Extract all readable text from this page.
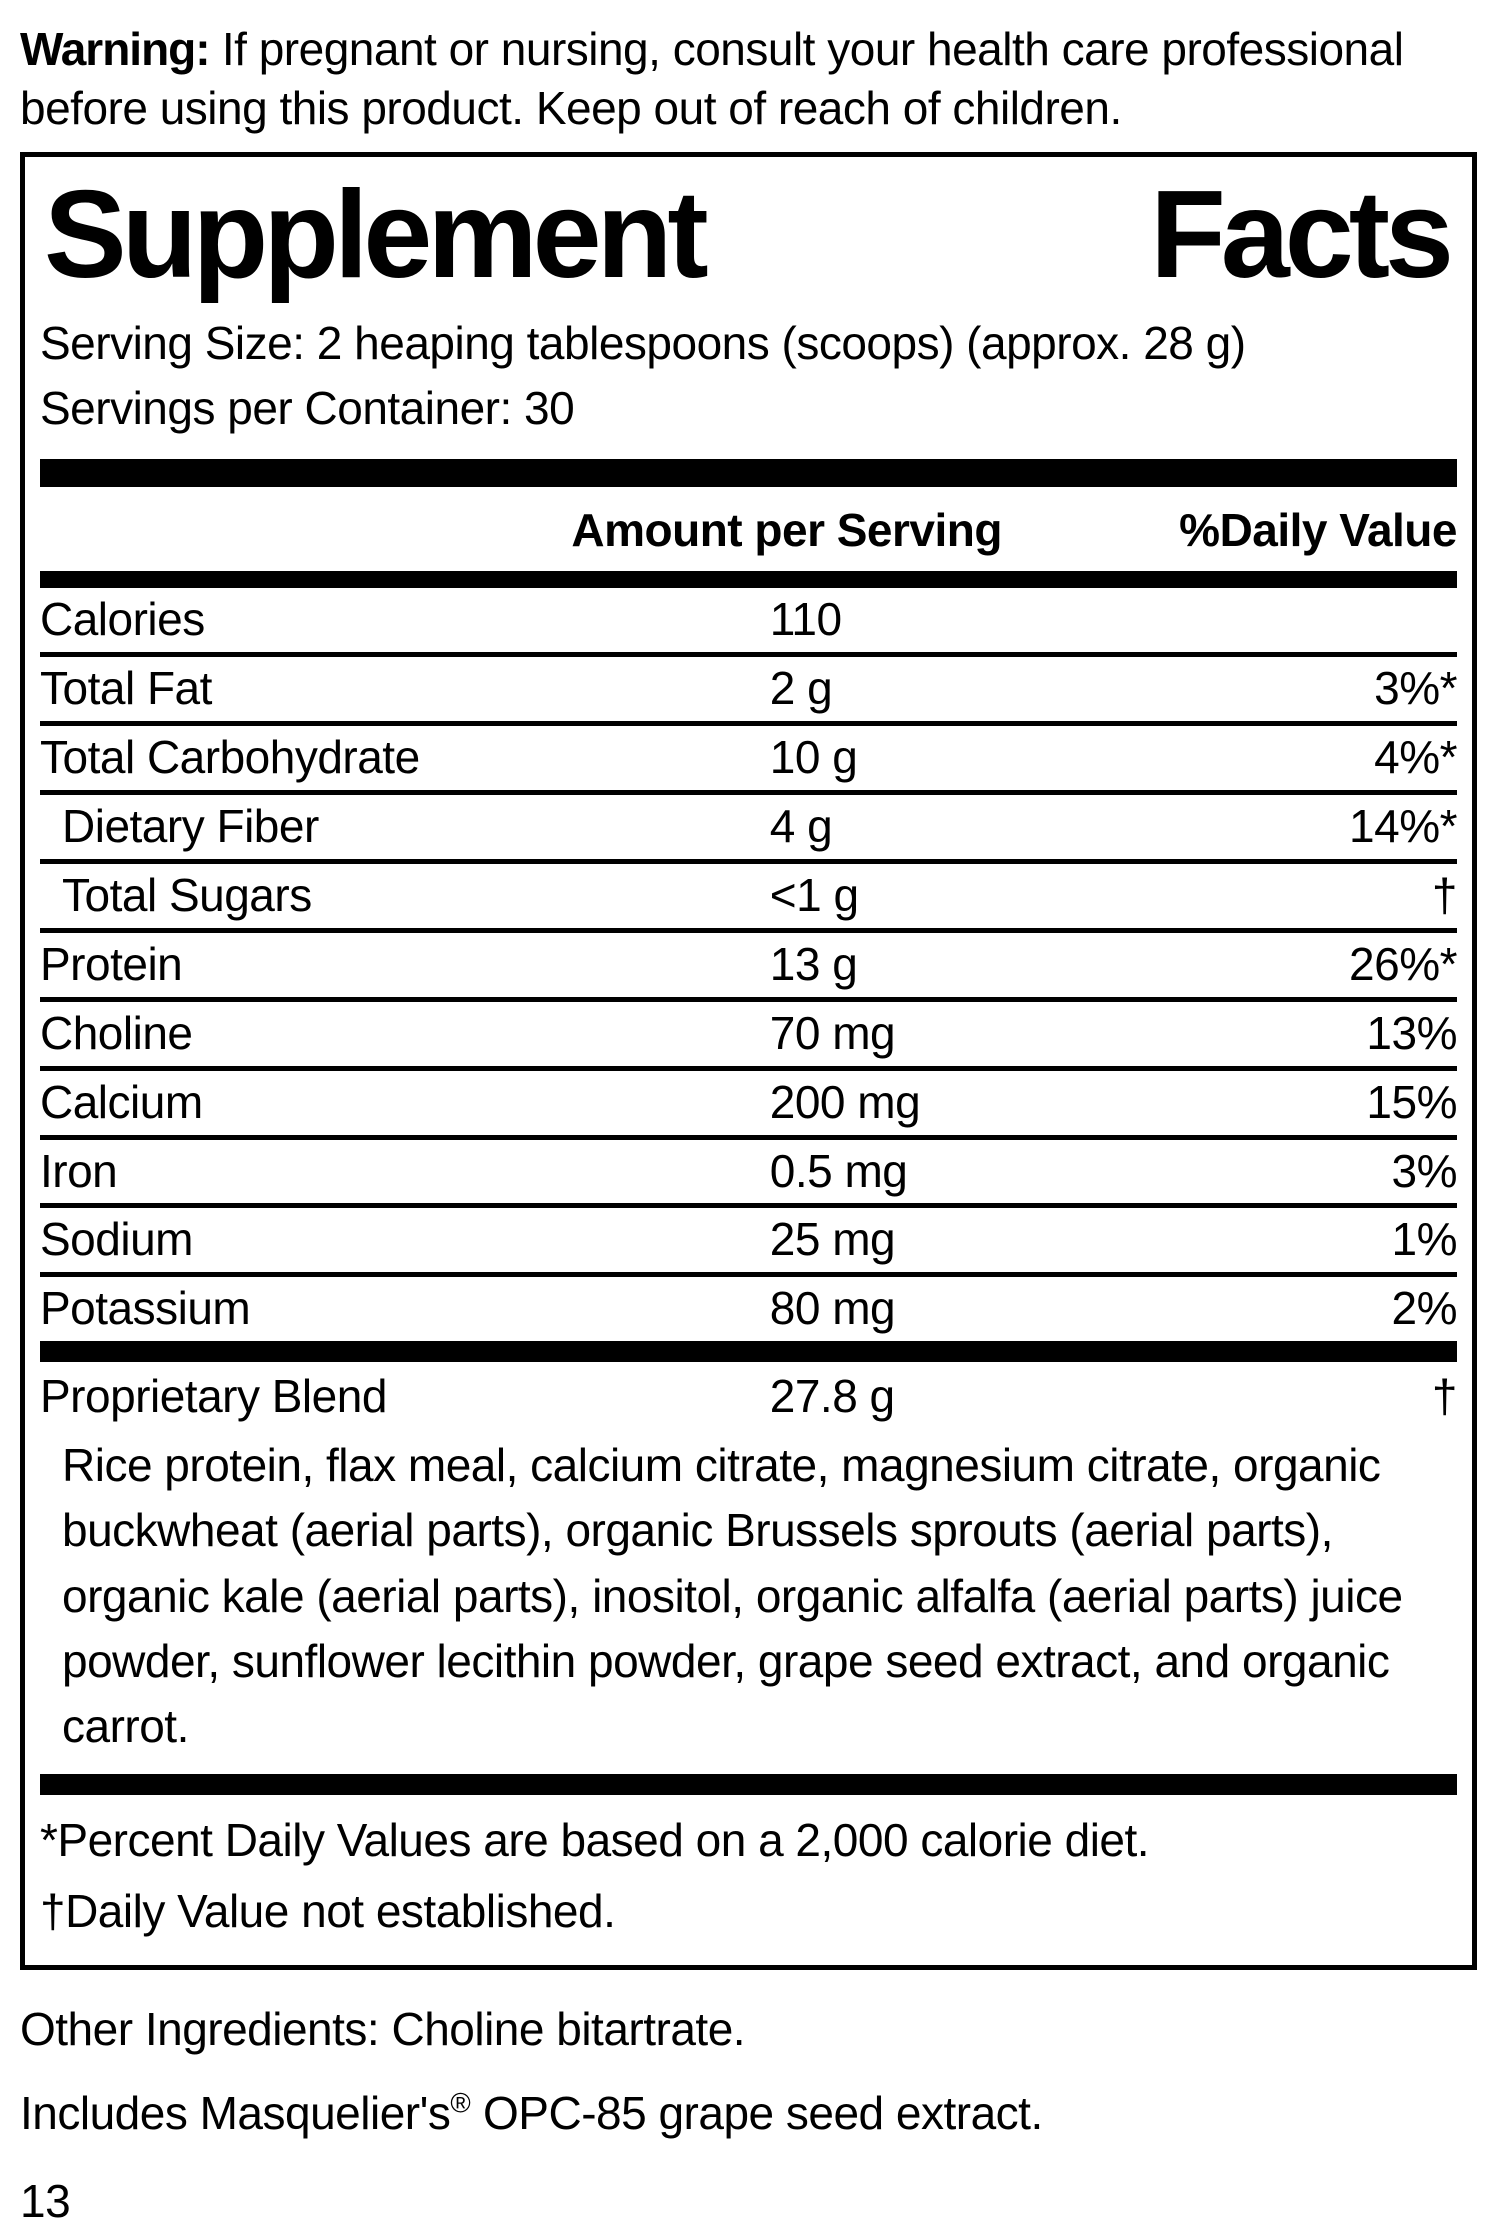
Warning: If pregnant or nursing, consult your health care professional before using this product. Keep out of reach of children.

Supplement	Facts
Serving Size: 2 heaping tablespoons (scoops) (approx. 28 g)
Servings per Container: 30
Amount per Serving	%Daily Value
Calories	110
Total Fat	2 g	3%*
Total Carbohydrate	10 g	4%*
Dietary Fiber	4 g	14%*
Total Sugars	<1 g	†
Protein	13 g	26%*
Choline	70 mg	13%
Calcium	200 mg	15%
Iron	0.5 mg	3%
Sodium	25 mg	1%
Potassium	80 mg	2%
Proprietary Blend	27.8 g	†
Rice protein, flax meal, calcium citrate, magnesium citrate, organic buckwheat (aerial parts), organic Brussels sprouts (aerial parts), organic kale (aerial parts), inositol, organic alfalfa (aerial parts) juice powder, sunflower lecithin powder, grape seed extract, and organic carrot.
*Percent Daily Values are based on a 2,000 calorie diet.
†Daily Value not established.
Other Ingredients: Choline bitartrate.
Includes Masquelier's® OPC-85 grape seed extract.
13
